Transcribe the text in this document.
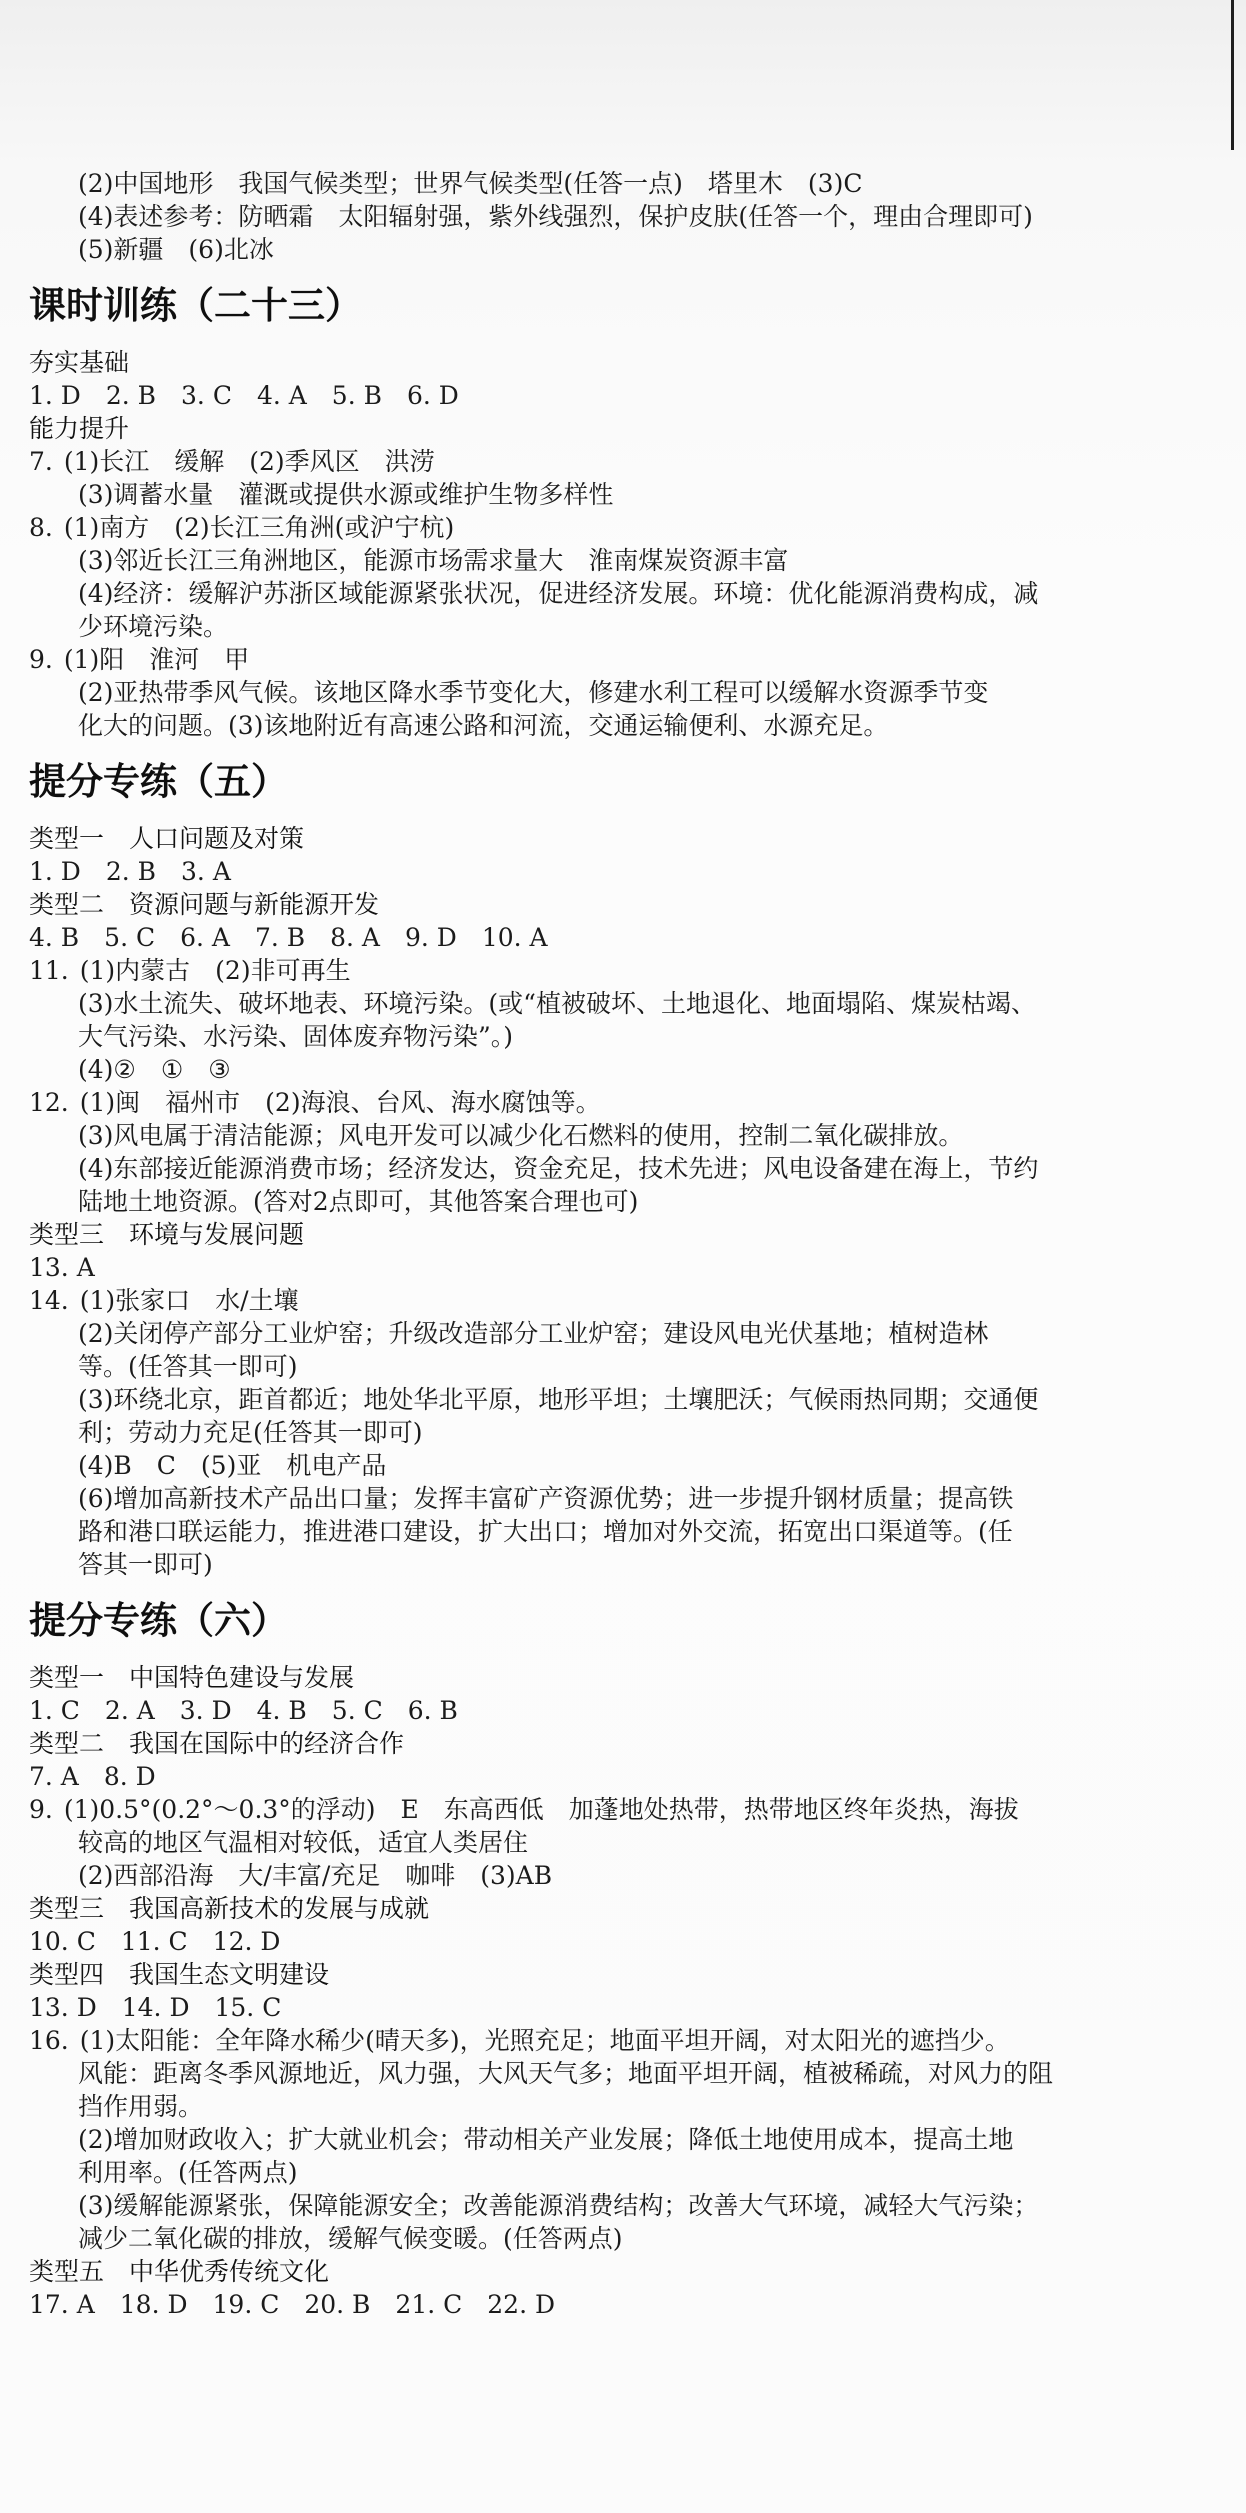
(2)中国地形　我国气候类型；世界气候类型(任答一点)　塔里木　(3)C
(4)表述参考：防晒霜　太阳辐射强，紫外线强烈，保护皮肤(任答一个，理由合理即可)
(5)新疆　(6)北冰
课时训练（二十三）
夯实基础
1. D　2. B　3. C　4. A　5. B　6. D
能力提升
7. (1)长江　缓解　(2)季风区　洪涝
(3)调蓄水量　灌溉或提供水源或维护生物多样性
8. (1)南方　(2)长江三角洲(或沪宁杭)
(3)邻近长江三角洲地区，能源市场需求量大　淮南煤炭资源丰富
(4)经济：缓解沪苏浙区域能源紧张状况，促进经济发展。环境：优化能源消费构成，减
少环境污染。
9. (1)阳　淮河　甲
(2)亚热带季风气候。该地区降水季节变化大，修建水利工程可以缓解水资源季节变
化大的问题。(3)该地附近有高速公路和河流，交通运输便利、水源充足。
提分专练（五）
类型一　人口问题及对策
1. D　2. B　3. A
类型二　资源问题与新能源开发
4. B　5. C　6. A　7. B　8. A　9. D　10. A
11. (1)内蒙古　(2)非可再生
(3)水土流失、破坏地表、环境污染。(或“植被破坏、土地退化、地面塌陷、煤炭枯竭、
大气污染、水污染、固体废弃物污染”。)
(4)②　①　③
12. (1)闽　福州市　(2)海浪、台风、海水腐蚀等。
(3)风电属于清洁能源；风电开发可以减少化石燃料的使用，控制二氧化碳排放。
(4)东部接近能源消费市场；经济发达，资金充足，技术先进；风电设备建在海上，节约
陆地土地资源。(答对2点即可，其他答案合理也可)
类型三　环境与发展问题
13. A
14. (1)张家口　水/土壤
(2)关闭停产部分工业炉窑；升级改造部分工业炉窑；建设风电光伏基地；植树造林
等。(任答其一即可)
(3)环绕北京，距首都近；地处华北平原，地形平坦；土壤肥沃；气候雨热同期；交通便
利；劳动力充足(任答其一即可)
(4)B　C　(5)亚　机电产品
(6)增加高新技术产品出口量；发挥丰富矿产资源优势；进一步提升钢材质量；提高铁
路和港口联运能力，推进港口建设，扩大出口；增加对外交流，拓宽出口渠道等。(任
答其一即可)
提分专练（六）
类型一　中国特色建设与发展
1. C　2. A　3. D　4. B　5. C　6. B
类型二　我国在国际中的经济合作
7. A　8. D
9. (1)0.5°(0.2°～0.3°的浮动)　E　东高西低　加蓬地处热带，热带地区终年炎热，海拔
较高的地区气温相对较低，适宜人类居住
(2)西部沿海　大/丰富/充足　咖啡　(3)AB
类型三　我国高新技术的发展与成就
10. C　11. C　12. D
类型四　我国生态文明建设
13. D　14. D　15. C
16. (1)太阳能：全年降水稀少(晴天多)，光照充足；地面平坦开阔，对太阳光的遮挡少。
风能：距离冬季风源地近，风力强，大风天气多；地面平坦开阔，植被稀疏，对风力的阻
挡作用弱。
(2)增加财政收入；扩大就业机会；带动相关产业发展；降低土地使用成本，提高土地
利用率。(任答两点)
(3)缓解能源紧张，保障能源安全；改善能源消费结构；改善大气环境，减轻大气污染；
减少二氧化碳的排放，缓解气候变暖。(任答两点)
类型五　中华优秀传统文化
17. A　18. D　19. C　20. B　21. C　22. D
